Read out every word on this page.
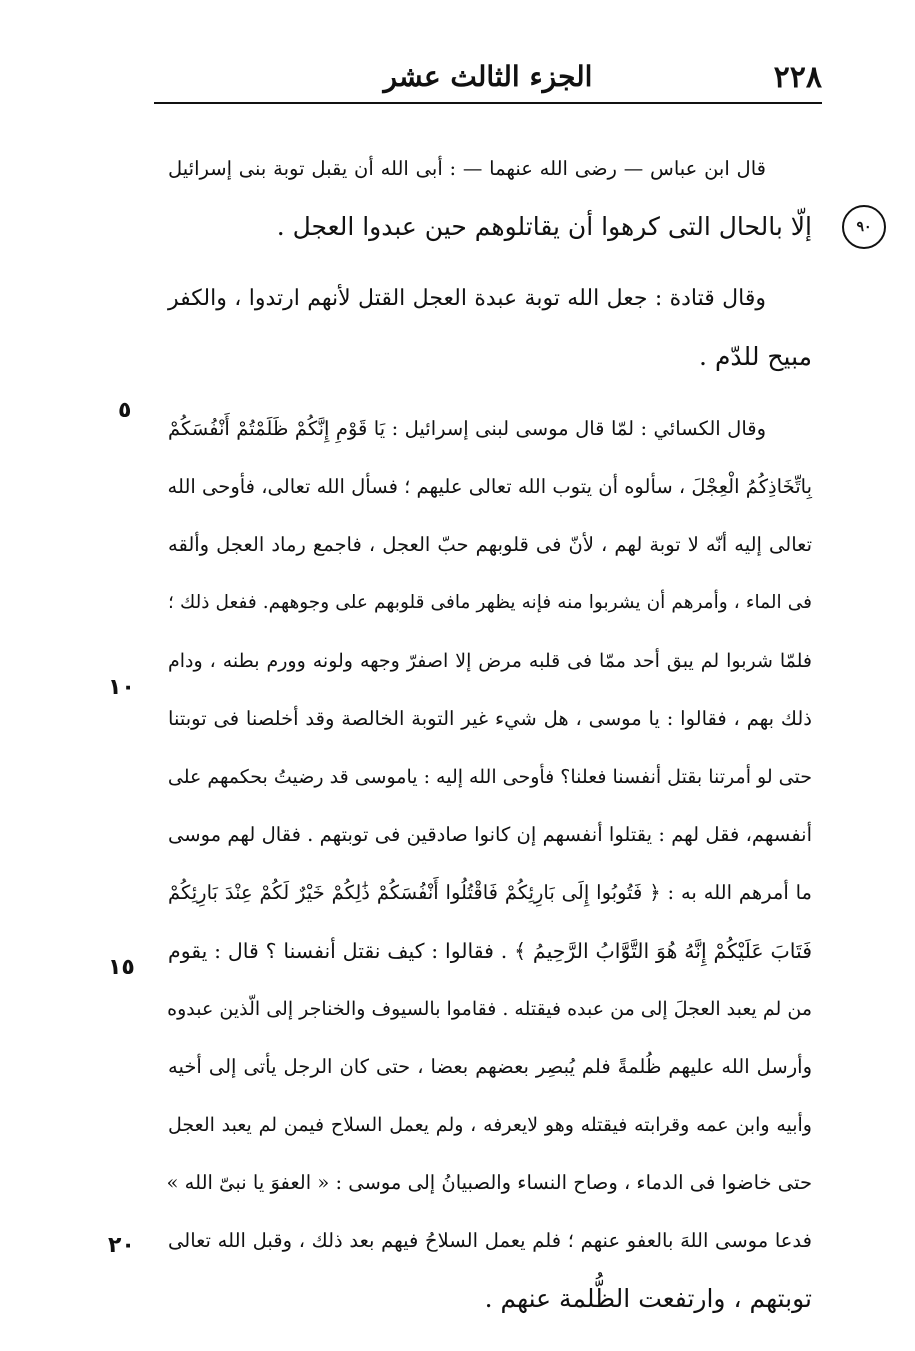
٢٢٨
الجزء الثالث عشر
٩٠
٥
١٠
١٥
٢٠
قال ابن عباس — رضى الله عنهما — : أبى الله أن يقبل توبة بنى إسرائيل
إلّا بالحال التى كرهوا أن يقاتلوهم حين عبدوا العجل .
وقال قتادة : جعل الله توبة عبدة العجل القتل لأنهم ارتدوا ، والكفر
مبيح للدّم .
وقال الكسائي : لمّا قال موسى لبنى إسرائيل : يَا قَوْمِ إِنَّكُمْ ظَلَمْتُمْ أَنْفُسَكُمْ
بِاتِّخَاذِكُمُ الْعِجْلَ ، سألوه أن يتوب الله تعالى عليهم ؛ فسأل الله تعالى، فأوحى الله
تعالى إليه أنّه لا توبة لهم ، لأنّ فى قلوبهم حبّ العجل ، فاجمع رماد العجل وألقه
فى الماء ، وأمرهم أن يشربوا منه فإنه يظهر مافى قلوبهم على وجوههم. ففعل ذلك ؛
فلمّا شربوا لم يبق أحد ممّا فى قلبه مرض إلا اصفرّ وجهه ولونه وورم بطنه ، ودام
ذلك بهم ، فقالوا : يا موسى ، هل شيء غير التوبة الخالصة وقد أخلصنا فى توبتنا
حتى لو أمرتنا بقتل أنفسنا فعلنا؟ فأوحى الله إليه : ياموسى قد رضيتُ بحكمهم على
أنفسهم، فقل لهم : يقتلوا أنفسهم إن كانوا صادقين فى توبتهم . فقال لهم موسى
ما أمرهم الله به : ﴿ فَتُوبُوا إِلَى بَارِئِكُمْ فَاقْتُلُوا أَنْفُسَكُمْ ذَٰلِكُمْ خَيْرٌ لَكُمْ عِنْدَ بَارِئِكُمْ
فَتَابَ عَلَيْكُمْ إِنَّهُ هُوَ التَّوَّابُ الرَّحِيمُ ﴾ . فقالوا : كيف نقتل أنفسنا ؟ قال : يقوم
من لم يعبد العجلَ إلى من عبده فيقتله . فقاموا بالسيوف والخناجر إلى الّذين عبدوه
وأرسل الله عليهم ظُلمةً فلم يُبصِر بعضهم بعضا ، حتى كان الرجل يأتى إلى أخيه
وأبيه وابن عمه وقرابته فيقتله وهو لايعرفه ، ولم يعمل السلاح فيمن لم يعبد العجل
حتى خاضوا فى الدماء ، وصاح النساء والصبيانُ إلى موسى : « العفوَ يا نبىّ الله »
فدعا موسى اللهَ بالعفو عنهم ؛ فلم يعمل السلاحُ فيهم بعد ذلك ، وقبل الله تعالى
توبتهم ، وارتفعت الظُّلمة عنهم .
